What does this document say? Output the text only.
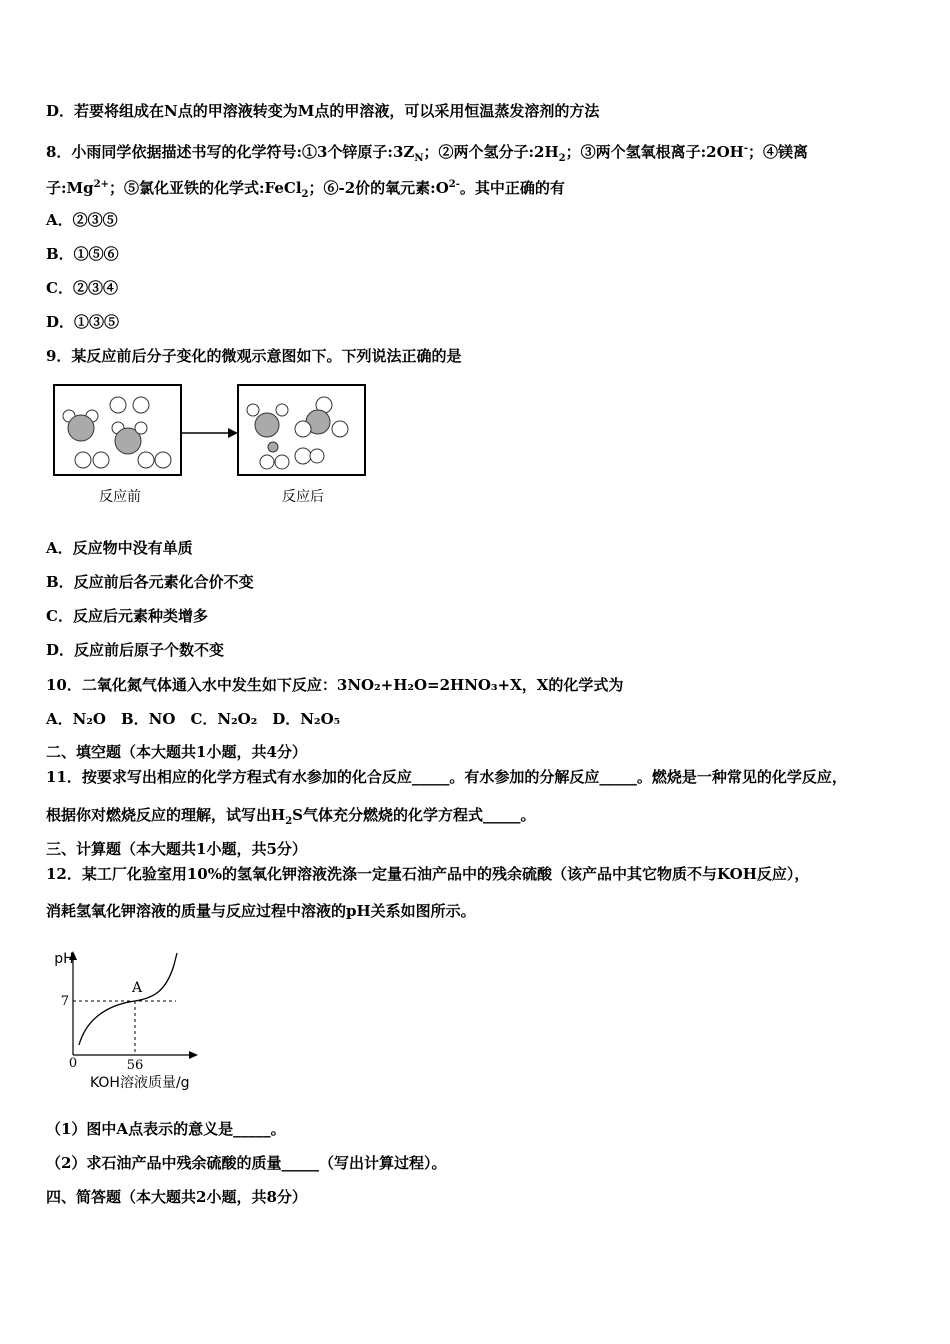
D．若要将组成在N点的甲溶液转变为M点的甲溶液，可以采用恒温蒸发溶剂的方法
8．小雨同学依据描述书写的化学符号:①3个锌原子$:3Z_N$；②两个氢分子$:2H_2$；③两个氢氧根离子:2OH-；④镁离
子$:Mg^{2+}$；⑤氯化亚铁的化学式:FeCl$_2$；⑥-2价的氧元素$:O^{2-}$。其中正确的有
A．②③⑤
B．①⑤⑥
C．②③④
D．①③⑤
9．某反应前后分子变化的微观示意图如下。下列说法正确的是
反应前	反应后
A．反应物中没有单质
B．反应前后各元素化合价不变
C．反应后元素种类增多
D．反应前后原子个数不变
10．二氧化氮气体通入水中发生如下反应：3NO₂+H₂O=2HNO₃+X，X的化学式为
A．N₂O　B．NO　C．N₂O₂　D．N₂O₅
二、填空题（本大题共1小题，共4分）
11．按要求写出相应的化学方程式有水参加的化合反应_____。有水参加的分解反应_____。燃烧是一种常见的化学反应，
根据你对燃烧反应的理解，试写出$H_2S$气体充分燃烧的化学方程式_____。
三、计算题（本大题共1小题，共5分）
12．某工厂化验室用10%的氢氧化钾溶液洗涤一定量石油产品中的残余硫酸（该产品中其它物质不与KOH反应），
消耗氢氧化钾溶液的质量与反应过程中溶液的pH关系如图所示。
pH
7
0	56
A
KOH溶液质量/g
（1）图中A点表示的意义是_____。
（2）求石油产品中残余硫酸的质量_____（写出计算过程）。
四、简答题（本大题共2小题，共8分）
